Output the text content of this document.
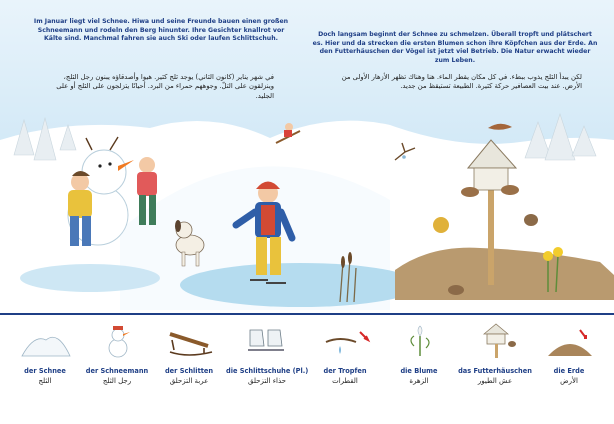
Im Januar liegt viel Schnee. Hiwa und seine Freunde bauen einen großen Schneemann und rodeln den Berg hinunter. Ihre Gesichter knallrot vor Kälte sind. Manchmal fahren sie auch Ski oder laufen Schlittschuh.
في شهر يناير (كانون الثاني) يوجد ثلج كثير. هيوا وأصدقاؤه يبنون رجل الثلج، وينزلقون على التلّ. وجوههم حمراء من البرد. أحيانًا يتزلجون على الثلج أو على الجليد.
Doch langsam beginnt der Schnee zu schmelzen. Überall tropft und plätschert es. Hier und da strecken die ersten Blumen schon ihre Köpfchen aus der Erde. An den Futterhäuschen der Vögel ist jetzt viel Betrieb. Die Natur erwacht wieder zum Leben.
لكن يبدأ الثلج يذوب ببطء. في كل مكان يقطر الماء. هنا وهناك تظهر الأزهار الأولى من الأرض. عند بيت العصافير حركة كثيرة. الطبيعة تستيقظ من جديد.
der Schnee
الثلج
der Schneemann
رجل الثلج
der Schlitten
عربة التزحلق
die Schlittschuhe (Pl.)
حذاء التزحلق
der Tropfen
القطرات
die Blume
الزهرة
das Futterhäuschen
عش الطيور
die Erde
الأرض
